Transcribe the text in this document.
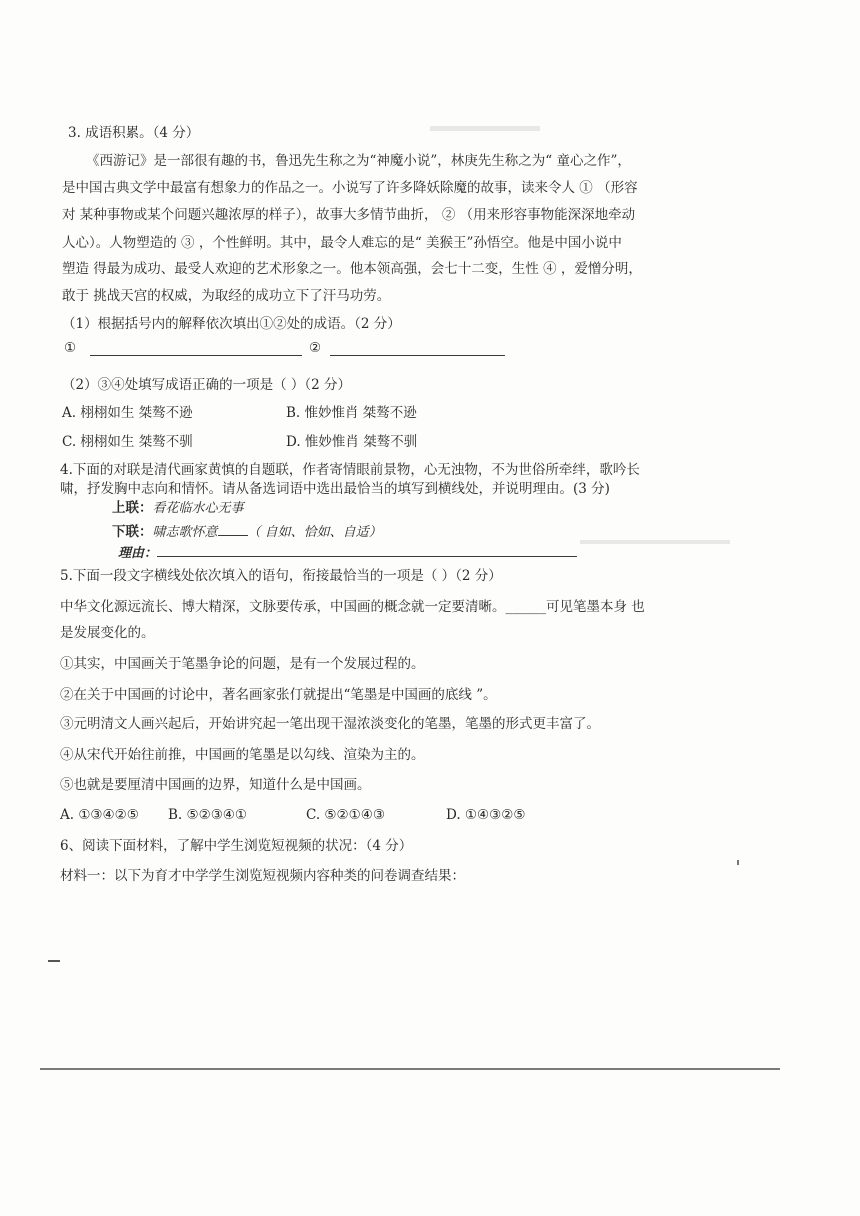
3. 成语积累。（4 分）
《西游记》是一部很有趣的书，鲁迅先生称之为“神魔小说”，林庚先生称之为“ 童心之作”，
是中国古典文学中最富有想象力的作品之一。小说写了许多降妖除魔的故事，读来令人 ① （形容
对 某种事物或某个问题兴趣浓厚的样子），故事大多情节曲折， ② （用来形容事物能深深地牵动
人心）。人物塑造的 ③ ，个性鲜明。其中，最令人难忘的是“ 美猴王”孙悟空。他是中国小说中
塑造 得最为成功、最受人欢迎的艺术形象之一。他本领高强，会七十二变，生性 ④ ，爱憎分明，
敢于 挑战天宫的权威，为取经的成功立下了汗马功劳。
（1）根据括号内的解释依次填出①②处的成语。（2 分）
①	②
（2）③④处填写成语正确的一项是（ ）（2 分）
A. 栩栩如生 桀骜不逊	B. 惟妙惟肖 桀骜不逊
C. 栩栩如生 桀骜不驯	D. 惟妙惟肖 桀骜不驯
4.下面的对联是清代画家黄慎的自题联，作者寄情眼前景物，心无浊物，不为世俗所牵绊，歌吟长
啸，抒发胸中志向和情怀。请从备选词语中选出最恰当的填写到横线处，并说明理由。(3 分)
上联：看花临水心无事
下联：啸志歌怀意 （ 自如、恰如、自适）
理由：
5.下面一段文字横线处依次填入的语句，衔接最恰当的一项是（ ）（2 分）
中华文化源远流长、博大精深，文脉要传承，中国画的概念就一定要清晰。______可见笔墨本身 也
是发展变化的。
①其实，中国画关于笔墨争论的问题，是有一个发展过程的。
②在关于中国画的讨论中，著名画家张仃就提出“笔墨是中国画的底线 ”。
③元明清文人画兴起后，开始讲究起一笔出现干湿浓淡变化的笔墨，笔墨的形式更丰富了。
④从宋代开始往前推，中国画的笔墨是以勾线、渲染为主的。
⑤也就是要厘清中国画的边界，知道什么是中国画。
A. ①③④②⑤ B. ⑤②③④①	C. ⑤②①④③	D. ①④③②⑤
6、阅读下面材料，了解中学生浏览短视频的状况：（4 分）
材料一：以下为育才中学学生浏览短视频内容种类的问卷调查结果：
